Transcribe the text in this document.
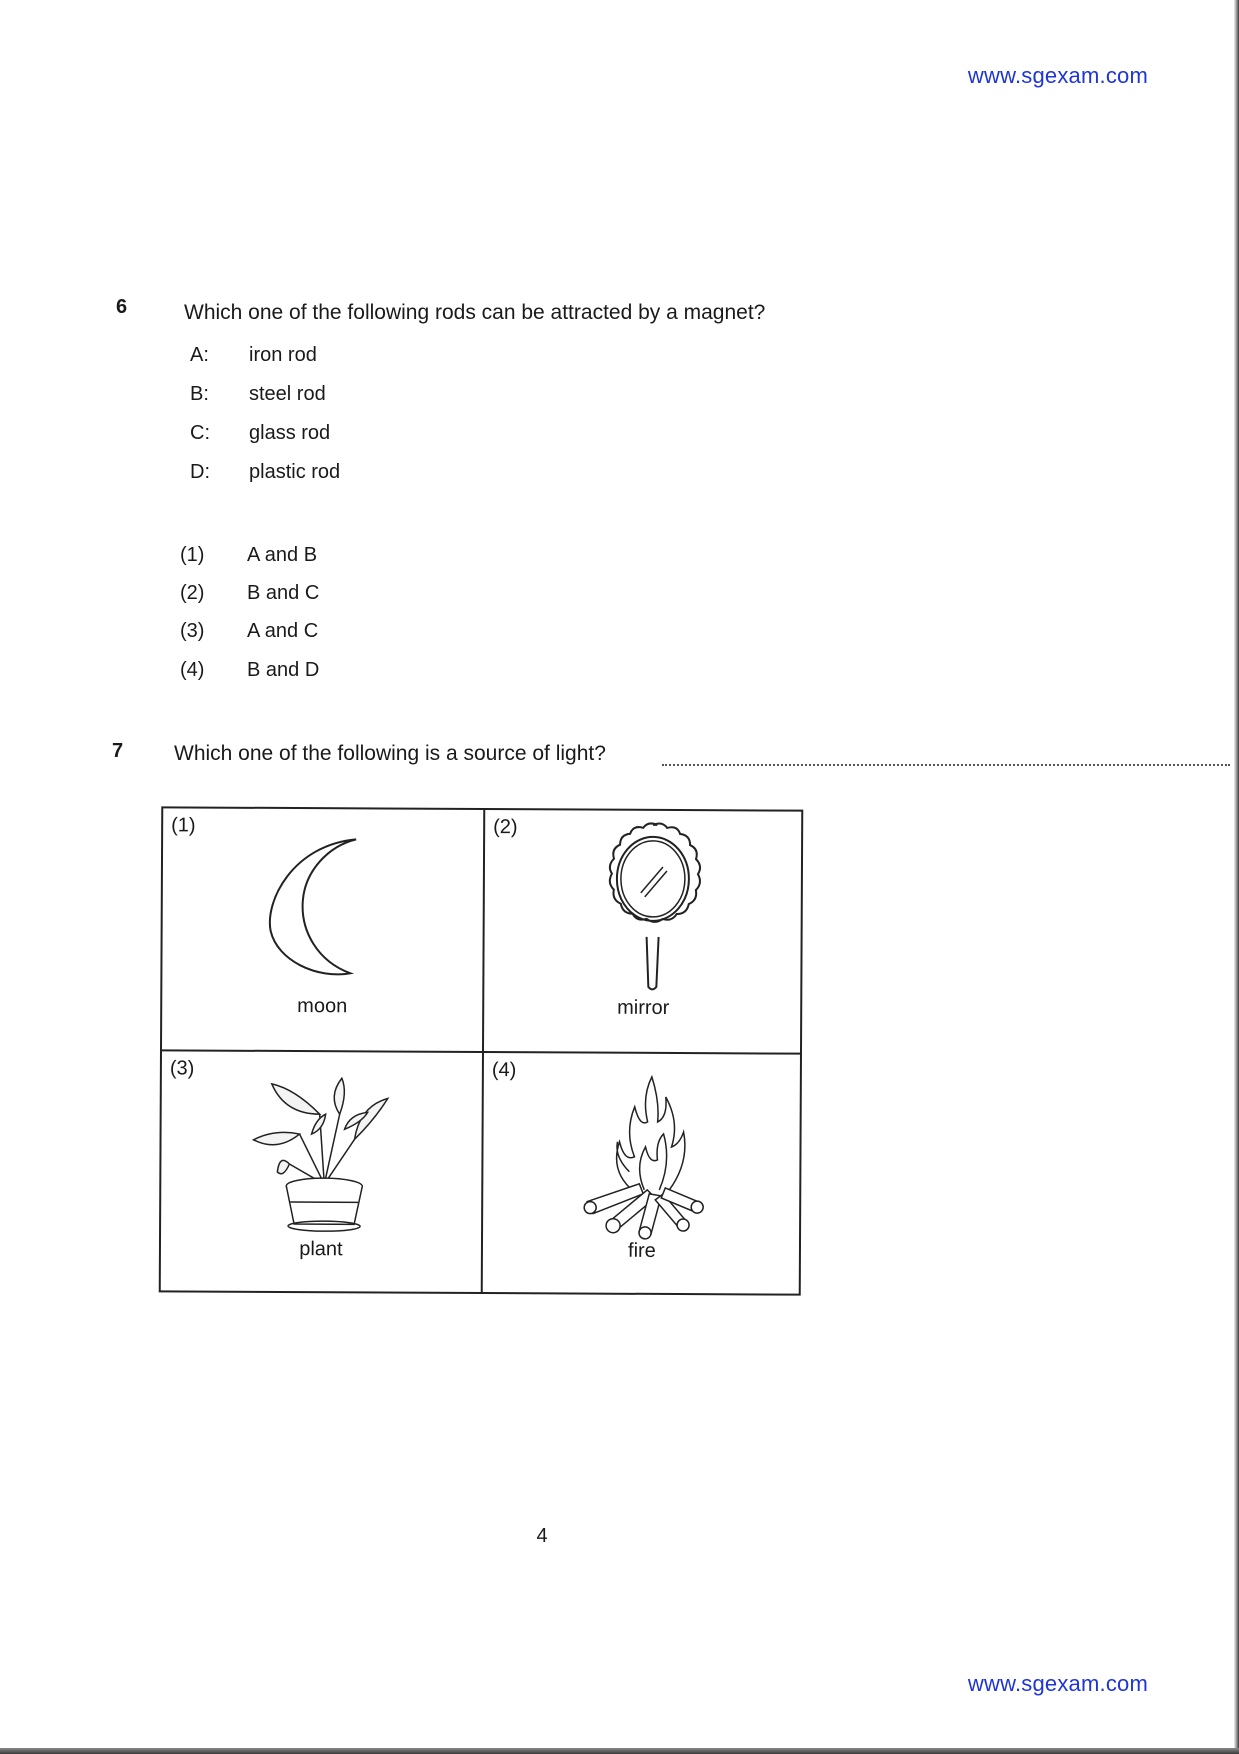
www.sgexam.com
6	Which one of the following rods can be attracted by a magnet?
A: iron rod
B: steel rod
C: glass rod
D: plastic rod
(1) A and B
(2) B and C
(3) A and C
(4) B and D
7 Which one of the following is a source of light?
(1)
moon
(2)
mirror
(3)
plant
(4)
fire
4
www.sgexam.com
